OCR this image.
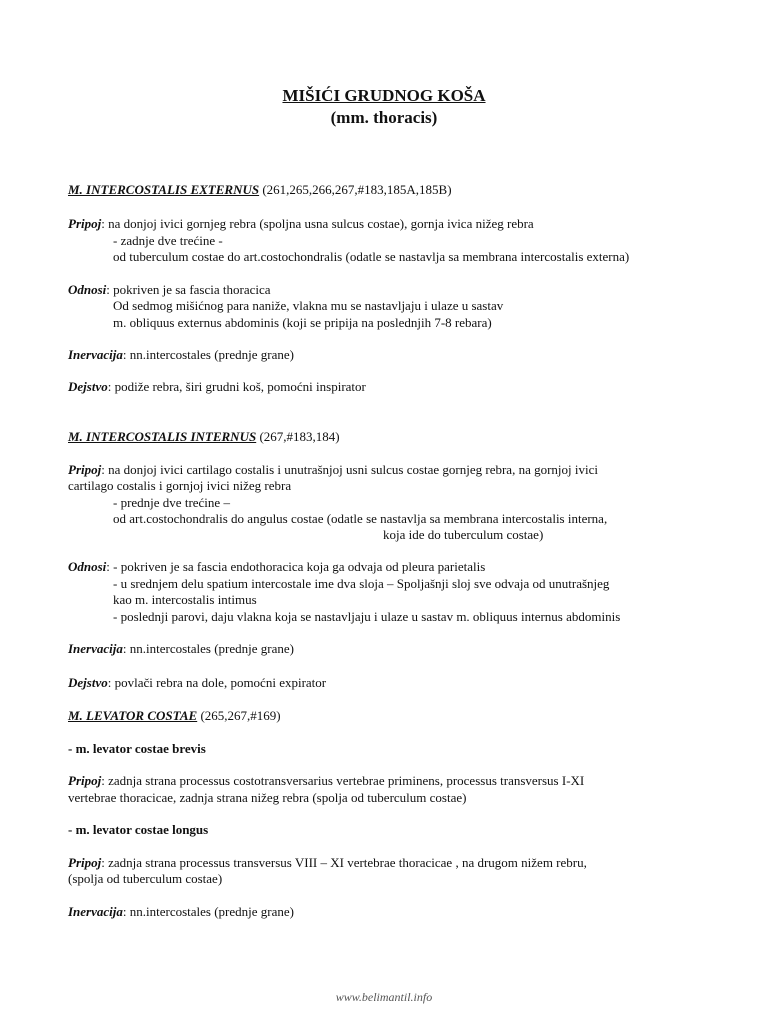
MIŠIĆI GRUDNOG KOŠA
(mm. thoracis)
M. INTERCOSTALIS EXTERNUS (261,265,266,267,#183,185A,185B)
Pripoj: na donjoj ivici gornjeg rebra (spoljna usna sulcus costae), gornja ivica nižeg rebra
- zadnje dve trećine -
od tuberculum costae do art.costochondralis (odatle se nastavlja sa membrana intercostalis externa)
Odnosi: pokriven je sa fascia thoracica
Od sedmog mišićnog para naniže, vlakna mu se nastavljaju i ulaze u sastav
m. obliquus externus abdominis (koji se pripija na poslednjih 7-8 rebara)
Inervacija: nn.intercostales (prednje grane)
Dejstvo: podiže rebra, širi grudni koš, pomoćni inspirator
M. INTERCOSTALIS INTERNUS (267,#183,184)
Pripoj: na donjoj ivici cartilago costalis i unutrašnjoj usni sulcus costae gornjeg rebra, na gornjoj ivici
cartilago costalis i gornjoj ivici nižeg rebra
- prednje dve trećine –
od art.costochondralis do angulus costae (odatle se nastavlja sa membrana intercostalis interna,
koja ide do tuberculum costae)
Odnosi: - pokriven je sa fascia endothoracica koja ga odvaja od pleura parietalis
- u srednjem delu spatium intercostale ime dva sloja – Spoljašnji sloj sve odvaja od unutrašnjeg
kao m. intercostalis intimus
- poslednji parovi, daju vlakna koja se nastavljaju i ulaze u sastav m. obliquus internus abdominis
Inervacija: nn.intercostales (prednje grane)
Dejstvo: povlači rebra na dole, pomoćni expirator
M. LEVATOR COSTAE (265,267,#169)
- m. levator costae brevis
Pripoj: zadnja strana processus costotransversarius vertebrae priminens, processus transversus I-XI
vertebrae thoracicae, zadnja strana nižeg rebra (spolja od tuberculum costae)
- m. levator costae longus
Pripoj: zadnja strana processus transversus VIII – XI vertebrae thoracicae , na drugom nižem rebru,
(spolja od tuberculum costae)
Inervacija: nn.intercostales (prednje grane)
www.belimantil.info
